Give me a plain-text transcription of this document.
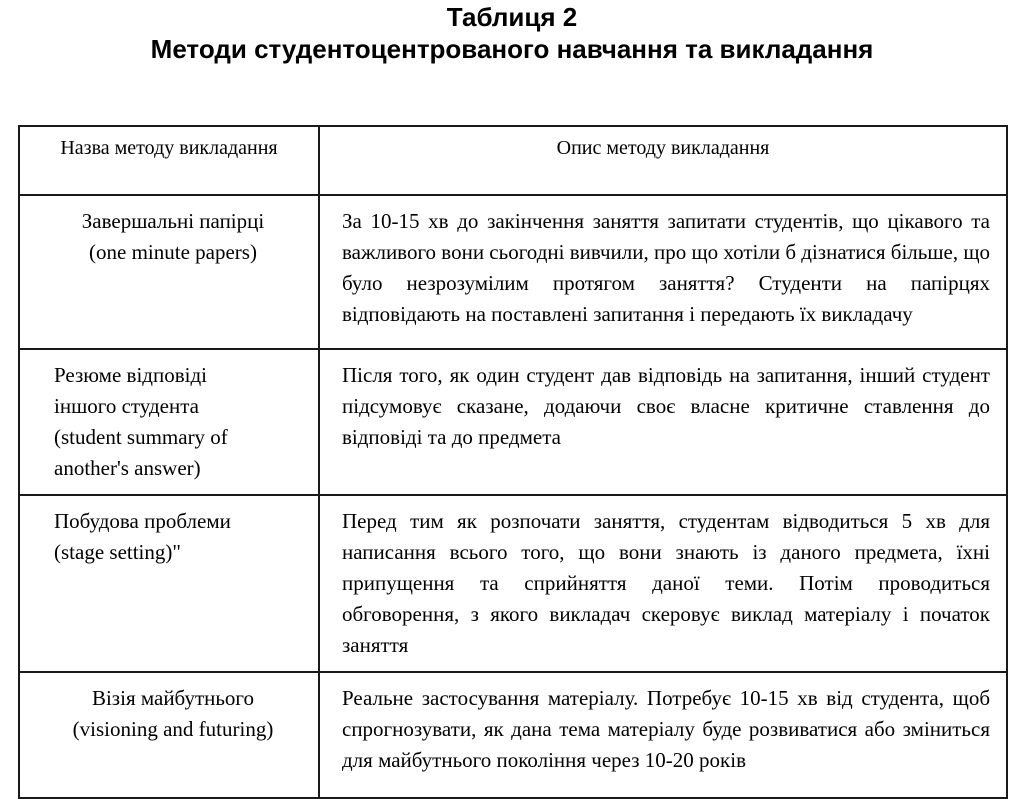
Таблиця 2
Методи студентоцентрованого навчання та викладання
Назва методу викладання	Опис методу викладання

Завершальні папірці
(one minute papers)	За 10-15 хв до закінчення заняття запитати студентів, що цікавого та важливого вони сьогодні вивчили, про що хотіли б дізнатися більше, що було незрозумілим протягом заняття? Студенти на папірцях відповідають на поставлені запитання і передають їх викладачу

Резюме відповіді
іншого студента
(student summary of
another's answer)	Після того, як один студент дав відповідь на запитання, інший студент підсумовує сказане, додаючи своє власне критичне ставлення до відповіді та до предмета

Побудова проблеми
(stage setting)"	Перед тим як розпочати заняття, студентам відводиться 5 хв для написання всього того, що вони знають із даного предмета, їхні припущення та сприйняття даної теми. Потім проводиться обговорення, з якого викладач скеровує виклад матеріалу і початок заняття

Візія майбутнього
(visioning and futuring)	Реальне застосування матеріалу. Потребує 10-15 хв від студента, щоб спрогнозувати, як дана тема матеріалу буде розвиватися або зміниться для майбутнього покоління через 10-20 років
